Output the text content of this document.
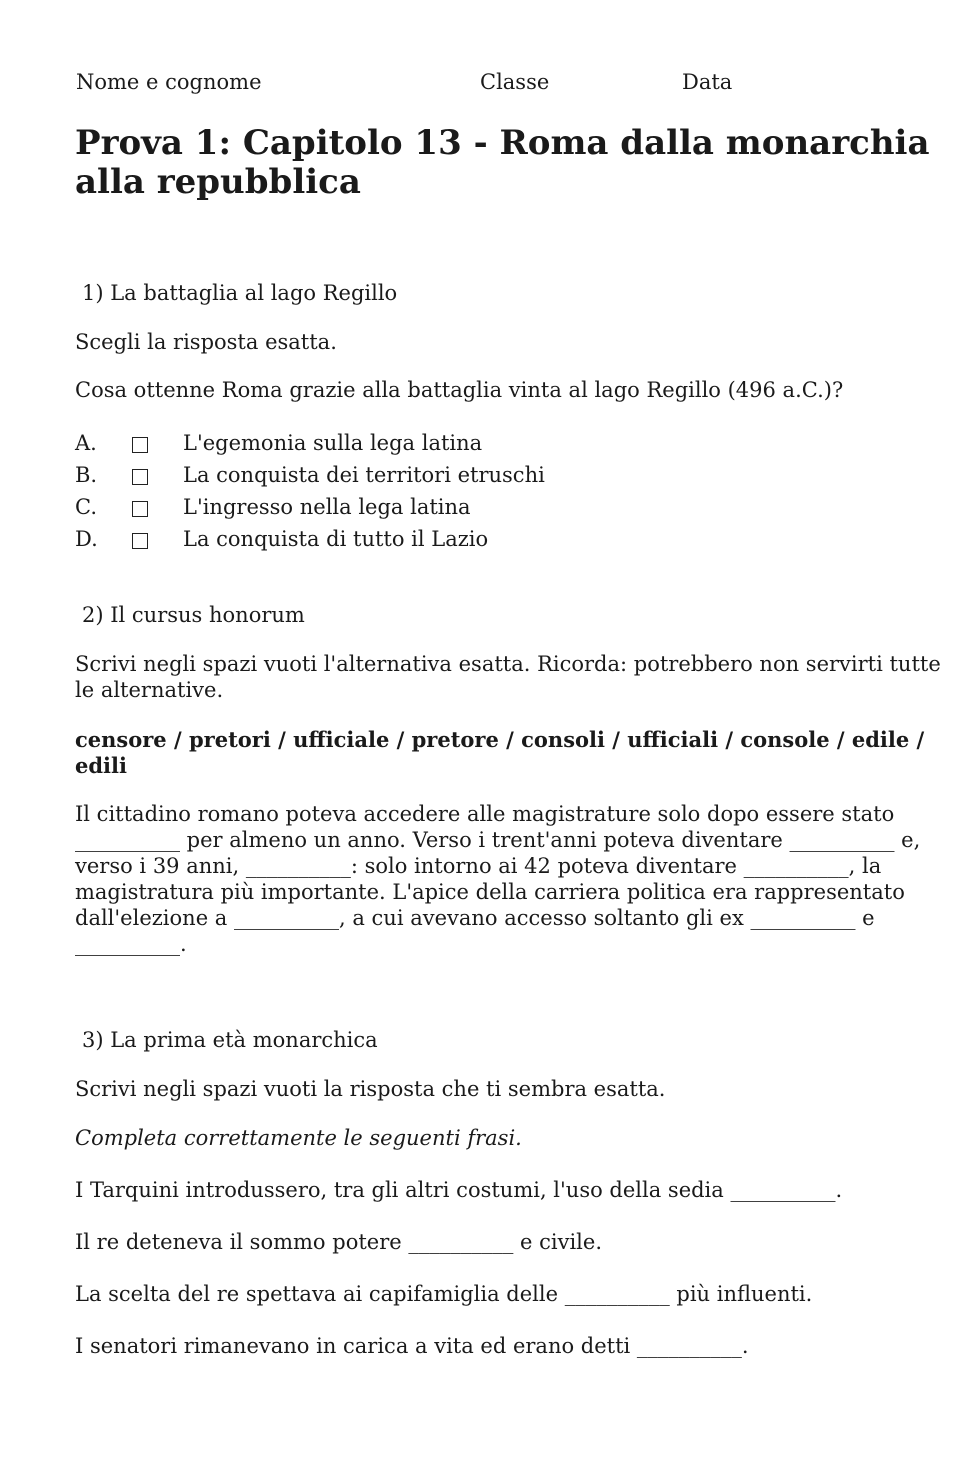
Nome e cognome	Classe	Data
Prova 1: Capitolo 13 - Roma dalla monarchia alla repubblica
1) La battaglia al lago Regillo
Scegli la risposta esatta.
Cosa ottenne Roma grazie alla battaglia vinta al lago Regillo (496 a.C.)?
A.	L'egemonia sulla lega latina
B.	La conquista dei territori etruschi
C.	L'ingresso nella lega latina
D.	La conquista di tutto il Lazio
2) Il cursus honorum
Scrivi negli spazi vuoti l'alternativa esatta. Ricorda: potrebbero non servirti tutte le alternative.
censore / pretori / ufficiale / pretore / consoli / ufficiali / console / edile / edili
Il cittadino romano poteva accedere alle magistrature solo dopo essere stato __________ per almeno un anno. Verso i trent'anni poteva diventare __________ e, verso i 39 anni, __________: solo intorno ai 42 poteva diventare __________, la magistratura più importante. L'apice della carriera politica era rappresentato dall'elezione a __________, a cui avevano accesso soltanto gli ex __________ e __________.
3) La prima età monarchica
Scrivi negli spazi vuoti la risposta che ti sembra esatta.
Completa correttamente le seguenti frasi.
I Tarquini introdussero, tra gli altri costumi, l'uso della sedia __________.
Il re deteneva il sommo potere __________ e civile.
La scelta del re spettava ai capifamiglia delle __________ più influenti.
I senatori rimanevano in carica a vita ed erano detti __________.
